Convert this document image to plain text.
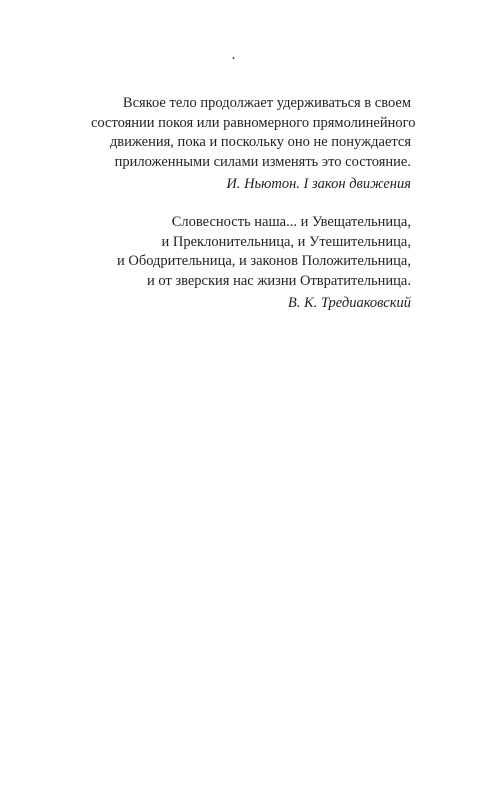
·
Всякое тело продолжает удерживаться в своем
состоянии покоя или равномерного прямолинейного
движения, пока и поскольку оно не понуждается
приложенными силами изменять это состояние.
И. Ньютон. I закон движения
Словесность наша... и Увещательница,
и Преклонительница, и Утешительница,
и Ободрительница, и законов Положительница,
и от зверския нас жизни Отвратительница.
В. К. Тредиаковский
